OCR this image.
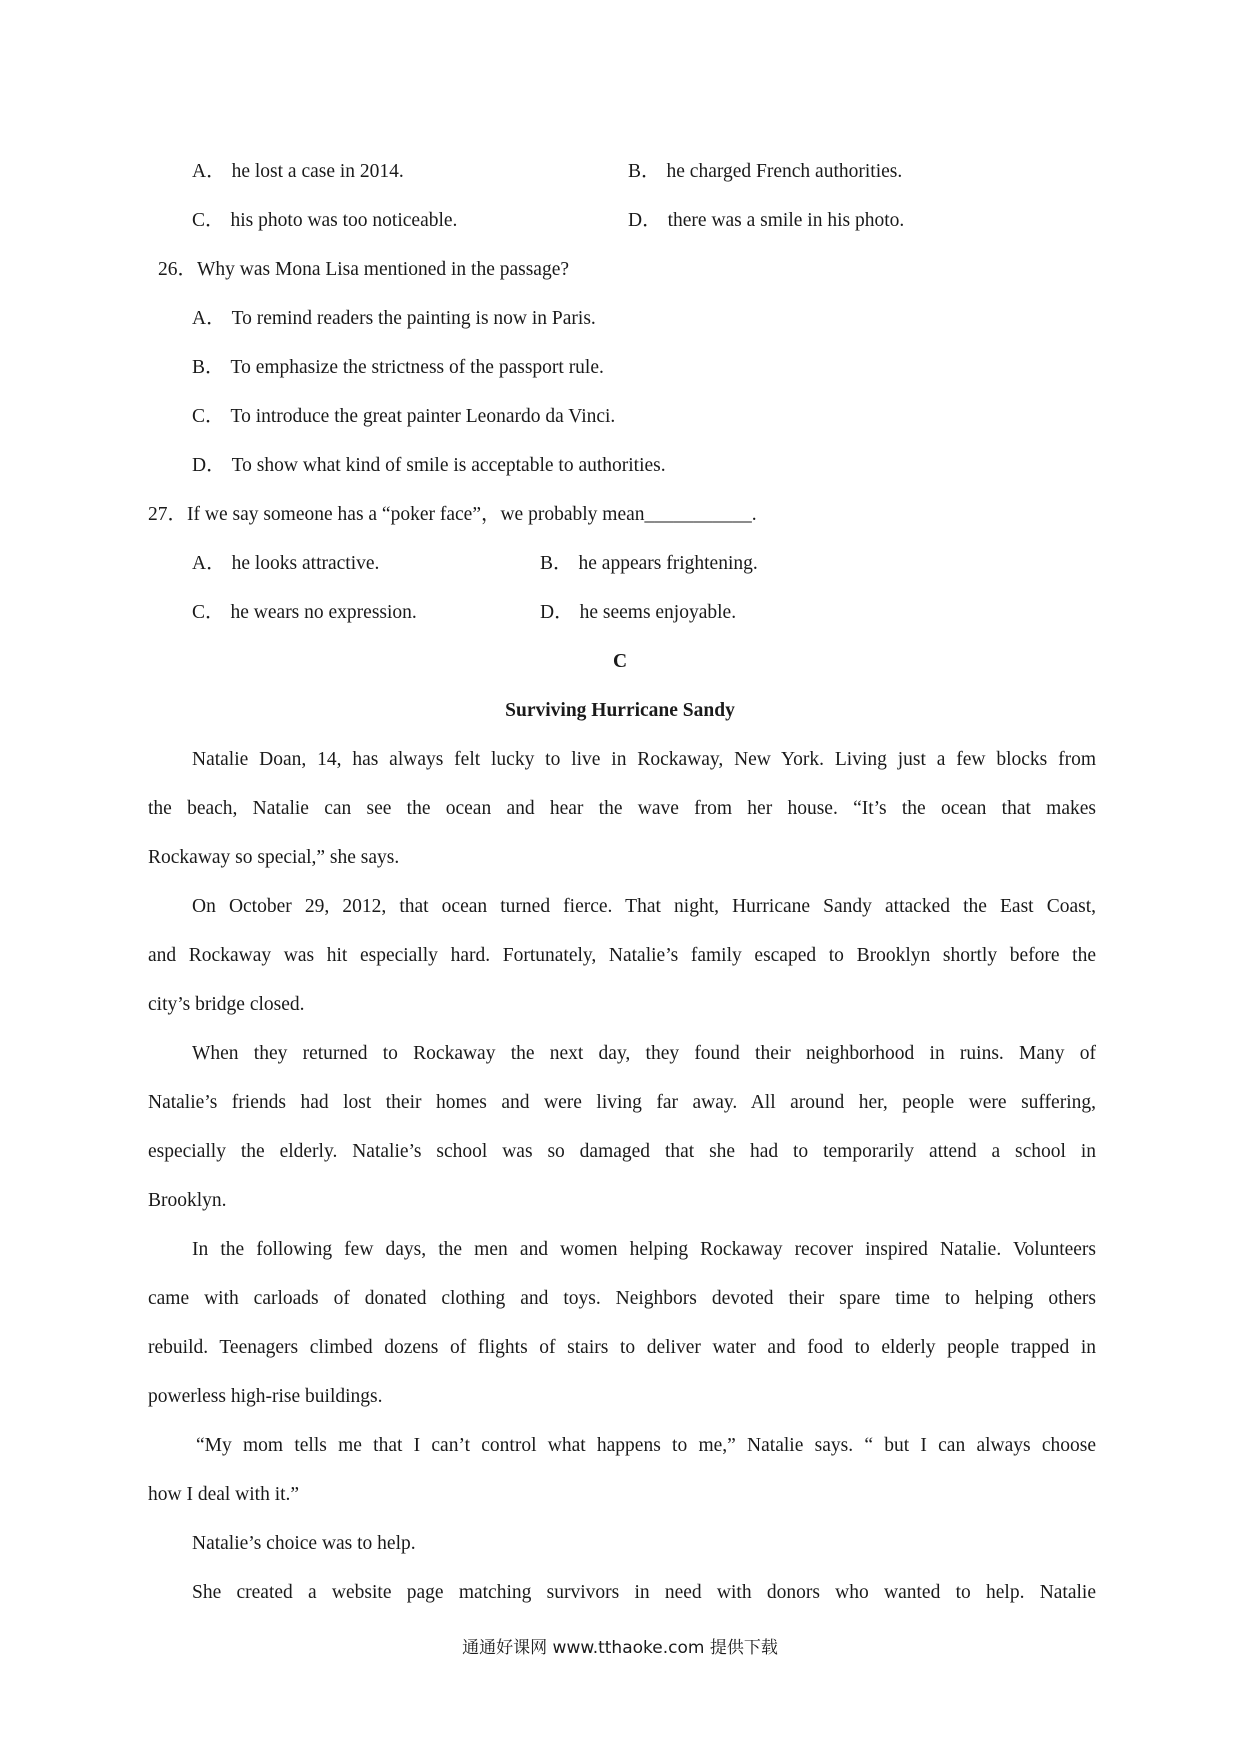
A． he lost a case in 2014.	B． he charged French authorities.
C． his photo was too noticeable.	D． there was a smile in his photo.
26．Why was Mona Lisa mentioned in the passage?
A． To remind readers the painting is now in Paris.
B． To emphasize the strictness of the passport rule.
C． To introduce the great painter Leonardo da Vinci.
D． To show what kind of smile is acceptable to authorities.
27．If we say someone has a “poker face”，we probably mean___________.
A． he looks attractive.	B． he appears frightening.
C． he wears no expression.	D． he seems enjoyable.
C
Surviving Hurricane Sandy
Natalie Doan, 14, has always felt lucky to live in Rockaway, New York. Living just a few blocks from
the beach, Natalie can see the ocean and hear the wave from her house. “It’s the ocean that makes
Rockaway so special,” she says.
On October 29, 2012, that ocean turned fierce. That night, Hurricane Sandy attacked the East Coast,
and Rockaway was hit especially hard. Fortunately, Natalie’s family escaped to Brooklyn shortly before the
city’s bridge closed.
When they returned to Rockaway the next day, they found their neighborhood in ruins. Many of
Natalie’s friends had lost their homes and were living far away. All around her, people were suffering,
especially the elderly. Natalie’s school was so damaged that she had to temporarily attend a school in
Brooklyn.
In the following few days, the men and women helping Rockaway recover inspired Natalie. Volunteers
came with carloads of donated clothing and toys. Neighbors devoted their spare time to helping others
rebuild. Teenagers climbed dozens of flights of stairs to deliver water and food to elderly people trapped in
powerless high-rise buildings.
“My mom tells me that I can’t control what happens to me,” Natalie says. “ but I can always choose
how I deal with it.”
Natalie’s choice was to help.
She created a website page matching survivors in need with donors who wanted to help. Natalie
通通好课网 www.tthaoke.com 提供下载
